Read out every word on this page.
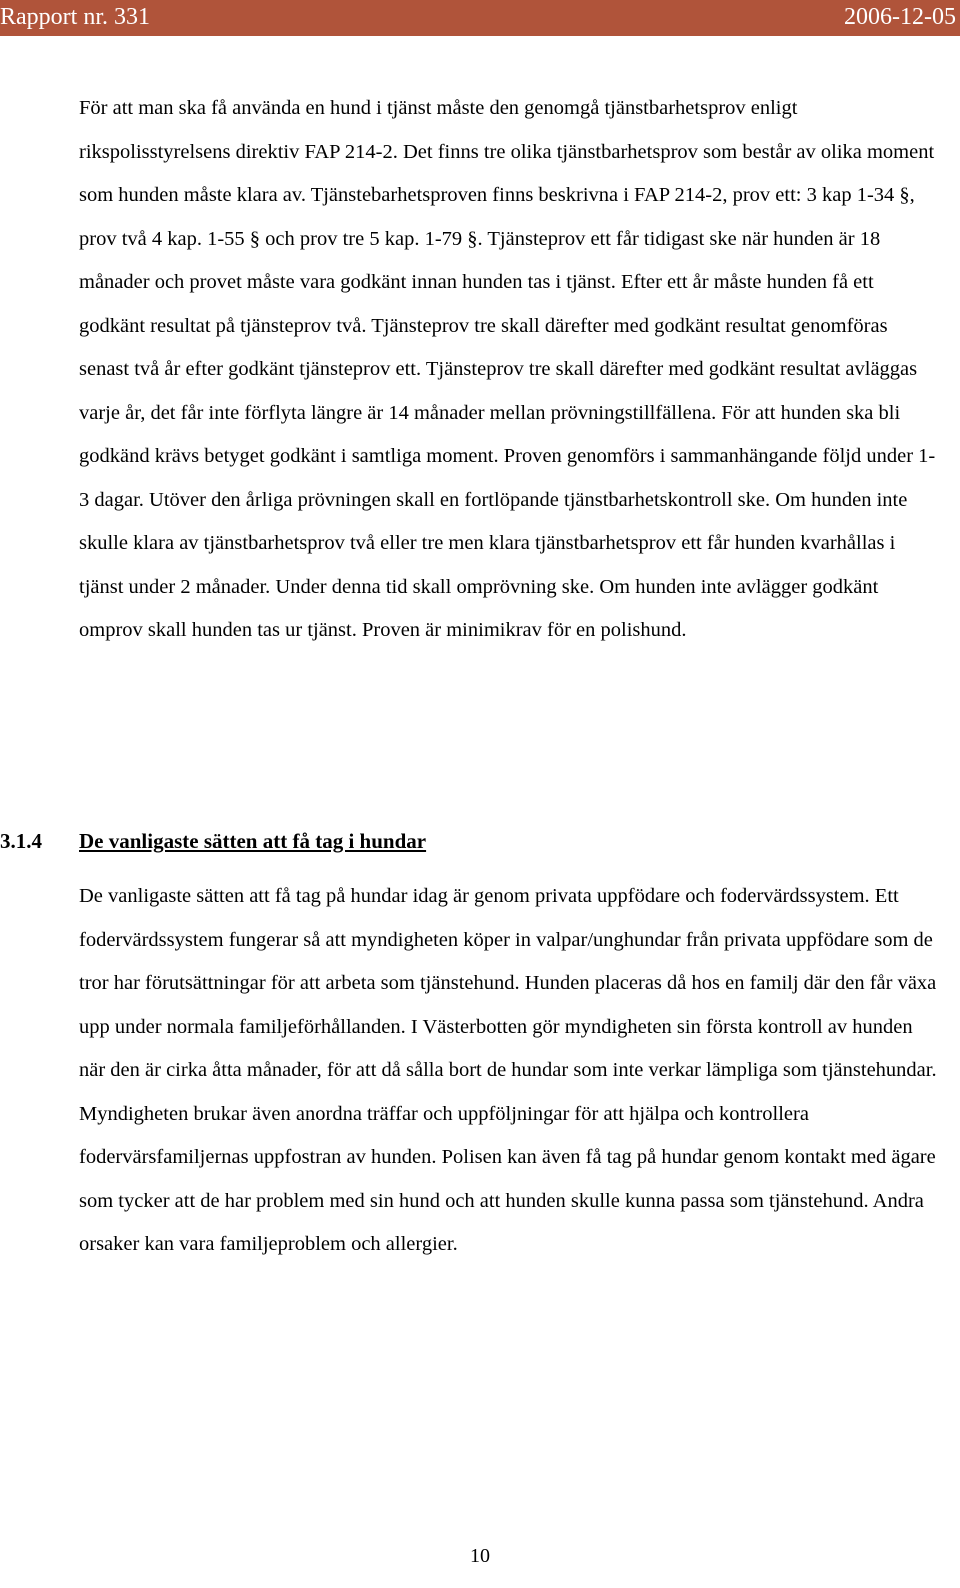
Rapport nr. 331	2006-12-05

För att man ska få använda en hund i tjänst måste den genomgå tjänstbarhetsprov enligt rikspolisstyrelsens direktiv FAP 214-2. Det finns tre olika tjänstbarhetsprov som består av olika moment som hunden måste klara av. Tjänstebarhetsproven finns beskrivna i FAP 214-2, prov ett: 3 kap 1-34 §, prov två 4 kap. 1-55 § och prov tre 5 kap. 1-79 §. Tjänsteprov ett får tidigast ske när hunden är 18 månader och provet måste vara godkänt innan hunden tas i tjänst. Efter ett år måste hunden få ett godkänt resultat på tjänsteprov två. Tjänsteprov tre skall därefter med godkänt resultat genomföras senast två år efter godkänt tjänsteprov ett. Tjänsteprov tre skall därefter med godkänt resultat avläggas varje år, det får inte förflyta längre är 14 månader mellan prövningstillfällena. För att hunden ska bli godkänd krävs betyget godkänt i samtliga moment. Proven genomförs i sammanhängande följd under 1-3 dagar. Utöver den årliga prövningen skall en fortlöpande tjänstbarhetskontroll ske. Om hunden inte skulle klara av tjänstbarhetsprov två eller tre men klara tjänstbarhetsprov ett får hunden kvarhållas i tjänst under 2 månader. Under denna tid skall omprövning ske. Om hunden inte avlägger godkänt omprov skall hunden tas ur tjänst. Proven är minimikrav för en polishund.

3.1.4 De vanligaste sätten att få tag i hundar

De vanligaste sätten att få tag på hundar idag är genom privata uppfödare och fodervärdssystem. Ett fodervärdssystem fungerar så att myndigheten köper in valpar/unghundar från privata uppfödare som de tror har förutsättningar för att arbeta som tjänstehund. Hunden placeras då hos en familj där den får växa upp under normala familjeförhållanden. I Västerbotten gör myndigheten sin första kontroll av hunden när den är cirka åtta månader, för att då sålla bort de hundar som inte verkar lämpliga som tjänstehundar. Myndigheten brukar även anordna träffar och uppföljningar för att hjälpa och kontrollera fodervärsfamiljernas uppfostran av hunden. Polisen kan även få tag på hundar genom kontakt med ägare som tycker att de har problem med sin hund och att hunden skulle kunna passa som tjänstehund. Andra orsaker kan vara familjeproblem och allergier.

10
